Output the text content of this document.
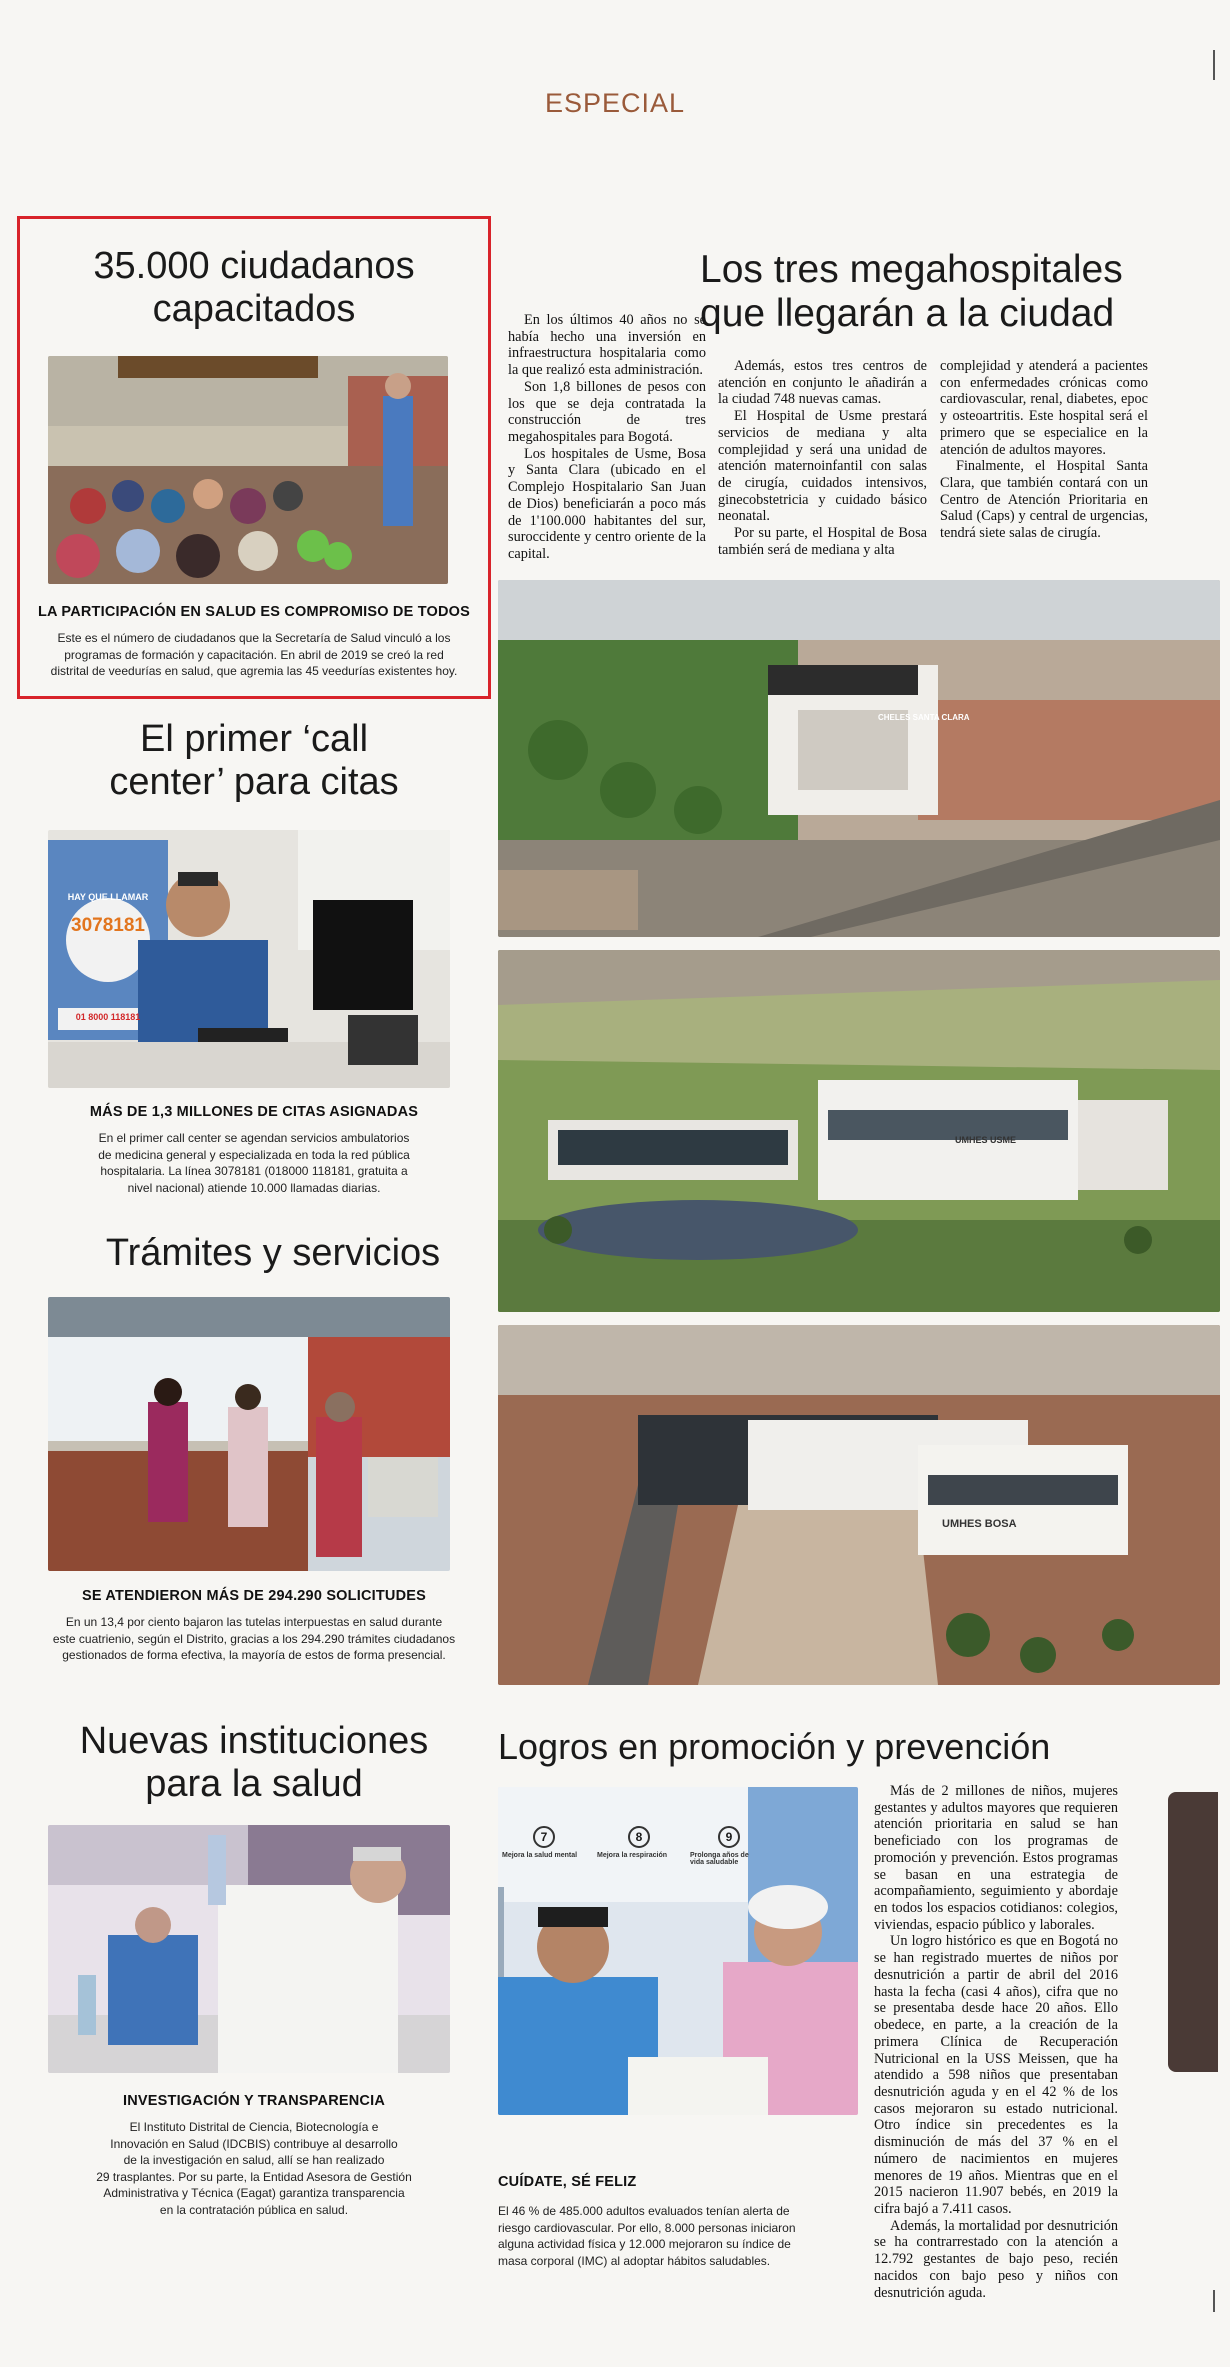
ESPECIAL
35.000 ciudadanos
capacitados
LA PARTICIPACIÓN EN SALUD ES COMPROMISO DE TODOS
Este es el número de ciudadanos que la Secretaría de Salud vinculó a los
programas de formación y capacitación. En abril de 2019 se creó la red
distrital de veedurías en salud, que agremia las 45 veedurías existentes hoy.
El primer ‘call
center’ para citas
3078181
HAY QUE LLAMAR
01 8000 118181
MÁS DE 1,3 MILLONES DE CITAS ASIGNADAS
En el primer call center se agendan servicios ambulatorios
de medicina general y especializada en toda la red pública
hospitalaria. La línea 3078181 (018000 118181, gratuita a
nivel nacional) atiende 10.000 llamadas diarias.
Trámites y servicios
SE ATENDIERON MÁS DE 294.290 SOLICITUDES
En un 13,4 por ciento bajaron las tutelas interpuestas en salud durante
este cuatrienio, según el Distrito, gracias a los 294.290 trámites ciudadanos
gestionados de forma efectiva, la mayoría de estos de forma presencial.
Nuevas instituciones
para la salud
INVESTIGACIÓN Y TRANSPARENCIA
El Instituto Distrital de Ciencia, Biotecnología e
Innovación en Salud (IDCBIS) contribuye al desarrollo
de la investigación en salud, allí se han realizado
29 trasplantes. Por su parte, la Entidad Asesora de Gestión
Administrativa y Técnica (Eagat) garantiza transparencia
en la contratación pública en salud.
Los tres megahospitales
que llegarán a la ciudad

En los últimos 40 años no se había hecho una inversión en infraestructura hospitalaria como la que realizó esta administración.

Son 1,8 billones de pesos con los que se deja contratada la construcción de tres megahospitales para Bogotá.

Los hospitales de Usme, Bosa y Santa Clara (ubicado en el Complejo Hospitalario San Juan de Dios) beneficiarán a poco más de 1'100.000 habitantes del sur, suroccidente y centro oriente de la capital.

Además, estos tres centros de atención en conjunto le añadirán a la ciudad 748 nuevas camas.

El Hospital de Usme prestará servicios de mediana y alta complejidad y será una unidad de atención maternoinfantil con salas de cirugía, cuidados intensivos, ginecobstetricia y cuidado básico neonatal.

Por su parte, el Hospital de Bosa también será de mediana y alta

complejidad y atenderá a pacientes con enfermedades crónicas como cardiovascular, renal, diabetes, epoc y osteoartritis. Este hospital será el primero que se especialice en la atención de adultos mayores.

Finalmente, el Hospital Santa Clara, que también contará con un Centro de Atención Prioritaria en Salud (Caps) y central de urgencias, tendrá siete salas de cirugía.

CHELES SANTA CLARA
UMHES USME
UMHES BOSA
Logros en promoción y prevención
7	8	9
Mejora la salud mental	Mejora la respiración	Prolonga años de vida saludable
CUÍDATE, SÉ FELIZ
El 46 % de 485.000 adultos evaluados tenían alerta de
riesgo cardiovascular. Por ello, 8.000 personas iniciaron
alguna actividad física y 12.000 mejoraron su índice de
masa corporal (IMC) al adoptar hábitos saludables.

Más de 2 millones de niños, mujeres gestantes y adultos mayores que requieren atención prioritaria en salud se han beneficiado con los programas de promoción y prevención. Estos programas se basan en una estrategia de acompañamiento, seguimiento y abordaje en todos los espacios cotidianos: colegios, viviendas, espacio público y laborales.

Un logro histórico es que en Bogotá no se han registrado muertes de niños por desnutrición a partir de abril del 2016 hasta la fecha (casi 4 años), cifra que no se presentaba desde hace 20 años. Ello obedece, en parte, a la creación de la primera Clínica de Recuperación Nutricional en la USS Meissen, que ha atendido a 598 niños que presentaban desnutrición aguda y en el 42 % de los casos mejoraron su estado nutricional. Otro índice sin precedentes es la disminución de más del 37 % en el número de nacimientos en mujeres menores de 19 años. Mientras que en el 2015 nacieron 11.907 bebés, en 2019 la cifra bajó a 7.411 casos.

Además, la mortalidad por desnutrición se ha contrarrestado con la atención a 12.792 gestantes de bajo peso, recién nacidos con bajo peso y niños con desnutrición aguda.
